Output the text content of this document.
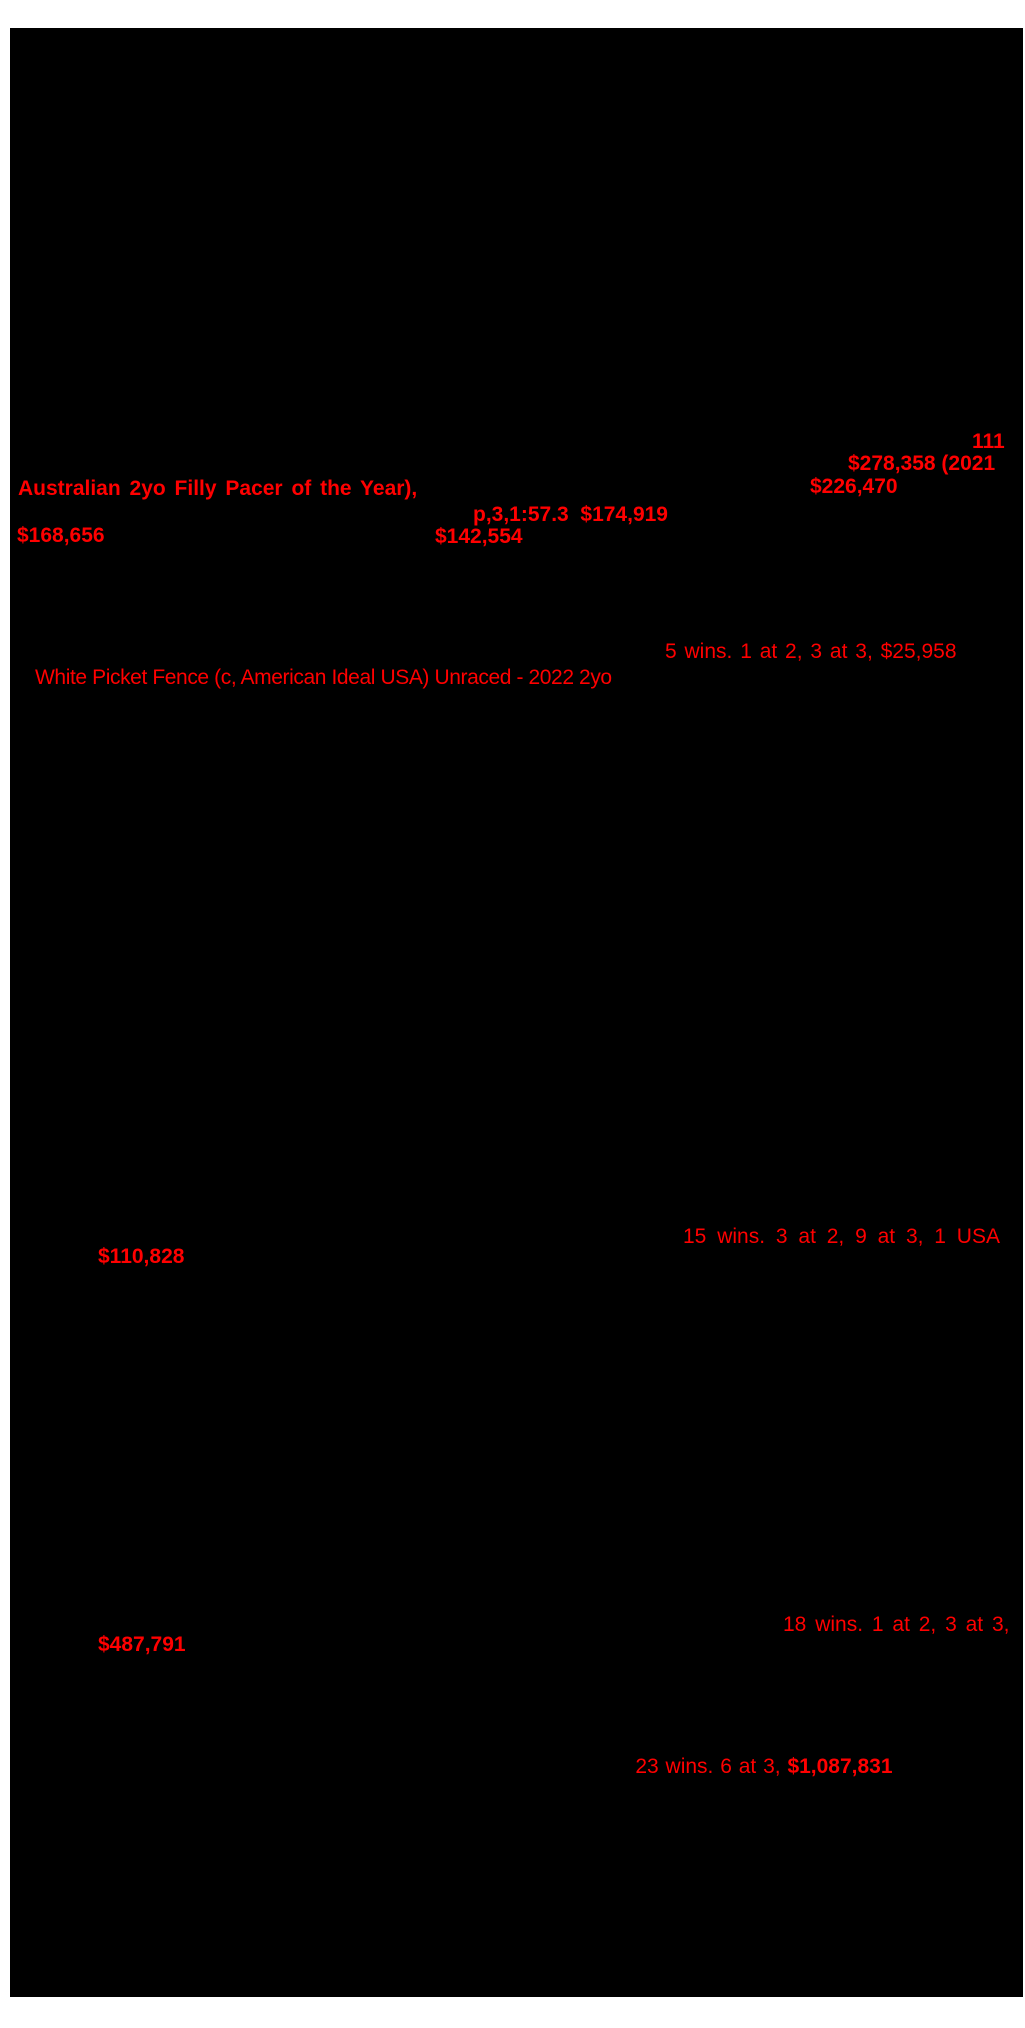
111
$278,358 (2021
Australian 2yo Filly Pacer of the Year),	$226,470
p,3,1:57.3  $174,919
$168,656	$142,554
5 wins. 1 at 2, 3 at 3, $25,958
White Picket Fence (c, American Ideal USA) Unraced - 2022 2yo
15 wins. 3 at 2, 9 at 3, 1 USA
$110,828
18 wins. 1 at 2, 3 at 3,
$487,791

23 wins. 6 at 3, $1,087,831
